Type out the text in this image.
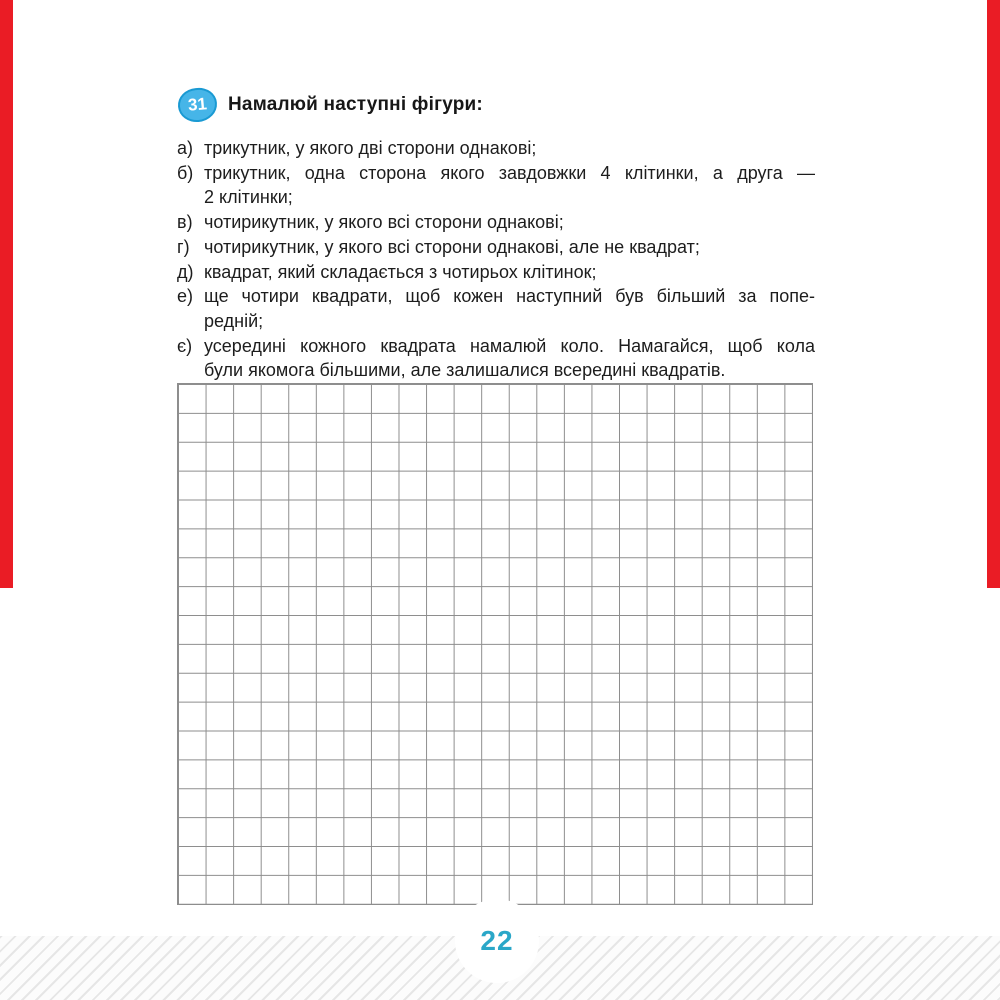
31 Намалюй наступні фігури:
а) трикутник, у якого дві сторони однакові;
б) трикутник, одна сторона якого завдовжки 4 клітинки, а друга —
2 клітинки;
в) чотирикутник, у якого всі сторони однакові;
г) чотирикутник, у якого всі сторони однакові, але не квадрат;
д) квадрат, який складається з чотирьох клітинок;
е) ще чотири квадрати, щоб кожен наступний був більший за попе-
редній;
є) усередині кожного квадрата намалюй коло. Намагайся, щоб кола
були якомога більшими, але залишалися всередині квадратів.
22
